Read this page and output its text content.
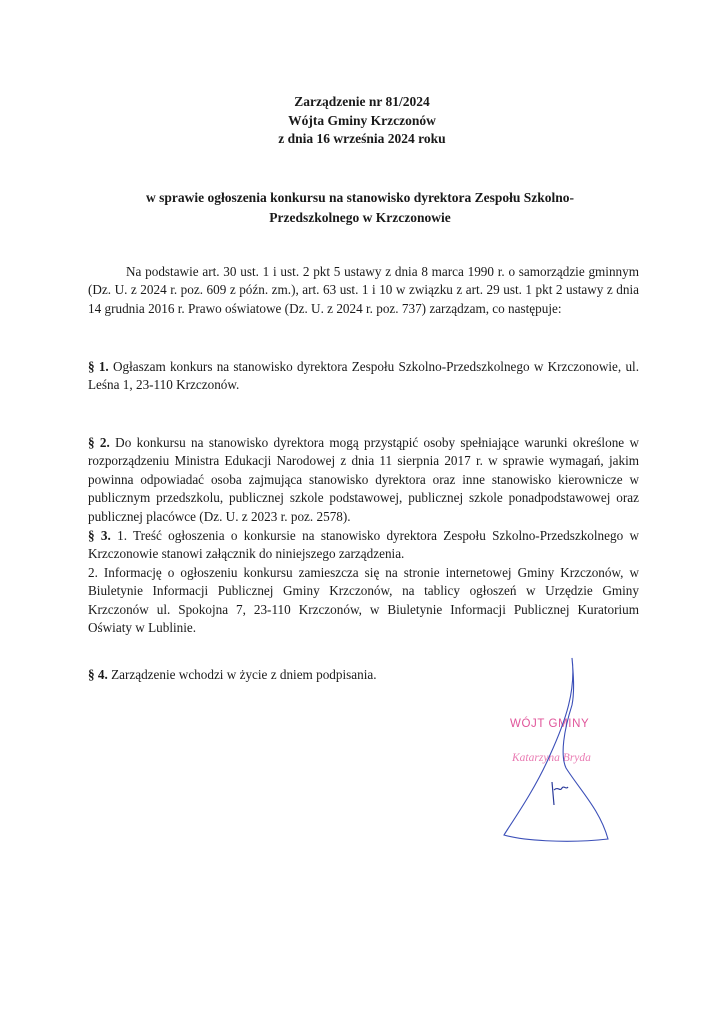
Zarządzenie nr 81/2024
Wójta Gminy Krzczonów
z dnia 16 września 2024 roku
w sprawie ogłoszenia konkursu na stanowisko dyrektora Zespołu Szkolno-
Przedszkolnego w Krzczonowie
Na podstawie art. 30 ust. 1 i ust. 2 pkt 5 ustawy z dnia 8 marca 1990 r. o samorządzie gminnym (Dz. U. z 2024 r. poz. 609 z późn. zm.), art. 63 ust. 1 i 10 w związku z art. 29 ust. 1 pkt 2 ustawy z dnia 14 grudnia 2016 r. Prawo oświatowe (Dz. U. z 2024 r. poz. 737) zarządzam, co następuje:
§ 1. Ogłaszam konkurs na stanowisko dyrektora Zespołu Szkolno-Przedszkolnego w Krzczonowie, ul. Leśna 1, 23-110 Krzczonów.
§ 2. Do konkursu na stanowisko dyrektora mogą przystąpić osoby spełniające warunki określone w rozporządzeniu Ministra Edukacji Narodowej z dnia 11 sierpnia 2017 r. w sprawie wymagań, jakim powinna odpowiadać osoba zajmująca stanowisko dyrektora oraz inne stanowisko kierownicze w publicznym przedszkolu, publicznej szkole podstawowej, publicznej szkole ponadpodstawowej oraz publicznej placówce (Dz. U. z 2023 r. poz. 2578).
§ 3. 1. Treść ogłoszenia o konkursie na stanowisko dyrektora Zespołu Szkolno-Przedszkolnego w Krzczonowie stanowi załącznik do niniejszego zarządzenia.
2. Informację o ogłoszeniu konkursu zamieszcza się na stronie internetowej Gminy Krzczonów, w Biuletynie Informacji Publicznej Gminy Krzczonów, na tablicy ogłoszeń w Urzędzie Gminy Krzczonów ul. Spokojna 7, 23-110 Krzczonów, w Biuletynie Informacji Publicznej Kuratorium Oświaty w Lublinie.
§ 4. Zarządzenie wchodzi w życie z dniem podpisania.
WÓJT GMINY
Katarzyna Bryda
